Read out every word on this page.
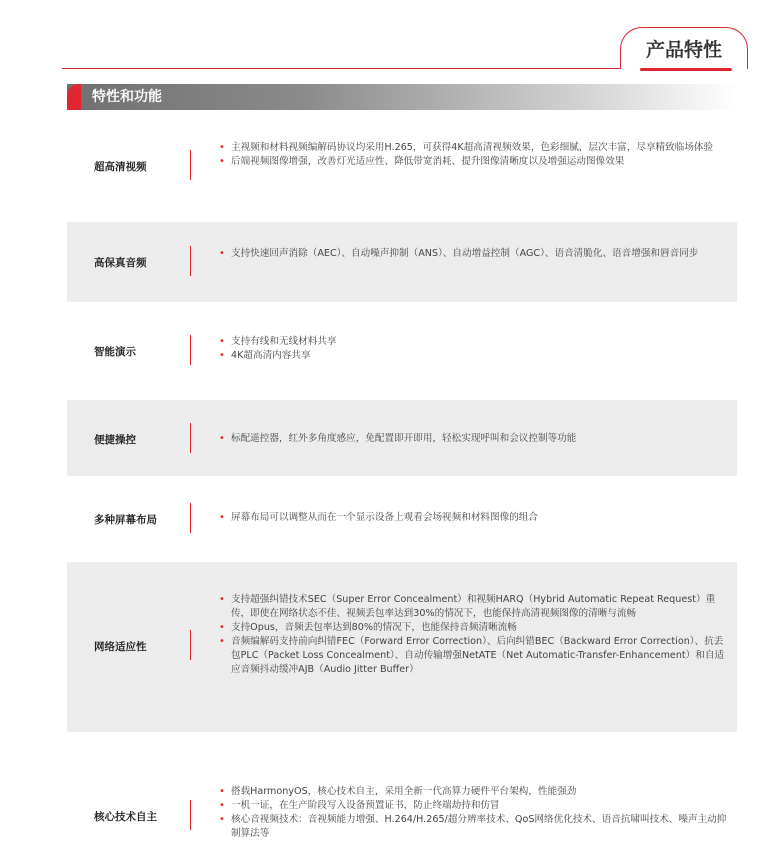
产品特性
特性和功能
超高清视频
• 主视频和材料视频编解码协议均采用H.265，可获得4K超高清视频效果，色彩细腻，层次丰富，尽享精致临场体验
• 后端视频图像增强，改善灯光适应性、降低带宽消耗、提升图像清晰度以及增强运动图像效果
高保真音频
• 支持快速回声消除（AEC）、自动噪声抑制（ANS）、自动增益控制（AGC）、语音清脆化、语音增强和唇音同步
智能演示
• 支持有线和无线材料共享
• 4K超高清内容共享
便捷操控	• 标配遥控器，红外多角度感应，免配置即开即用，轻松实现呼叫和会议控制等功能
多种屏幕布局	• 屏幕布局可以调整从而在一个显示设备上观看会场视频和材料图像的组合
网络适应性
• 支持超强纠错技术SEC（Super Error Concealment）和视频HARQ（Hybrid Automatic Repeat Request）重传，即使在网络状态不佳、视频丢包率达到30%的情况下，也能保持高清视频图像的清晰与流畅
• 支持Opus，音频丢包率达到80%的情况下，也能保持音频清晰流畅
• 音频编解码支持前向纠错FEC（Forward Error Correction）、后向纠错BEC（Backward Error Correction）、抗丢包PLC（Packet Loss Concealment）、自动传输增强NetATE（Net Automatic-Transfer-Enhancement）和自适应音频抖动缓冲AJB（Audio Jitter Buffer）
核心技术自主
• 搭载HarmonyOS，核心技术自主，采用全新一代高算力硬件平台架构，性能强劲
• 一机一证，在生产阶段写入设备预置证书，防止终端劫持和仿冒
• 核心音视频技术：音视频能力增强、H.264/H.265/超分辨率技术、QoS网络优化技术、语音抗啸叫技术、噪声主动抑制算法等
